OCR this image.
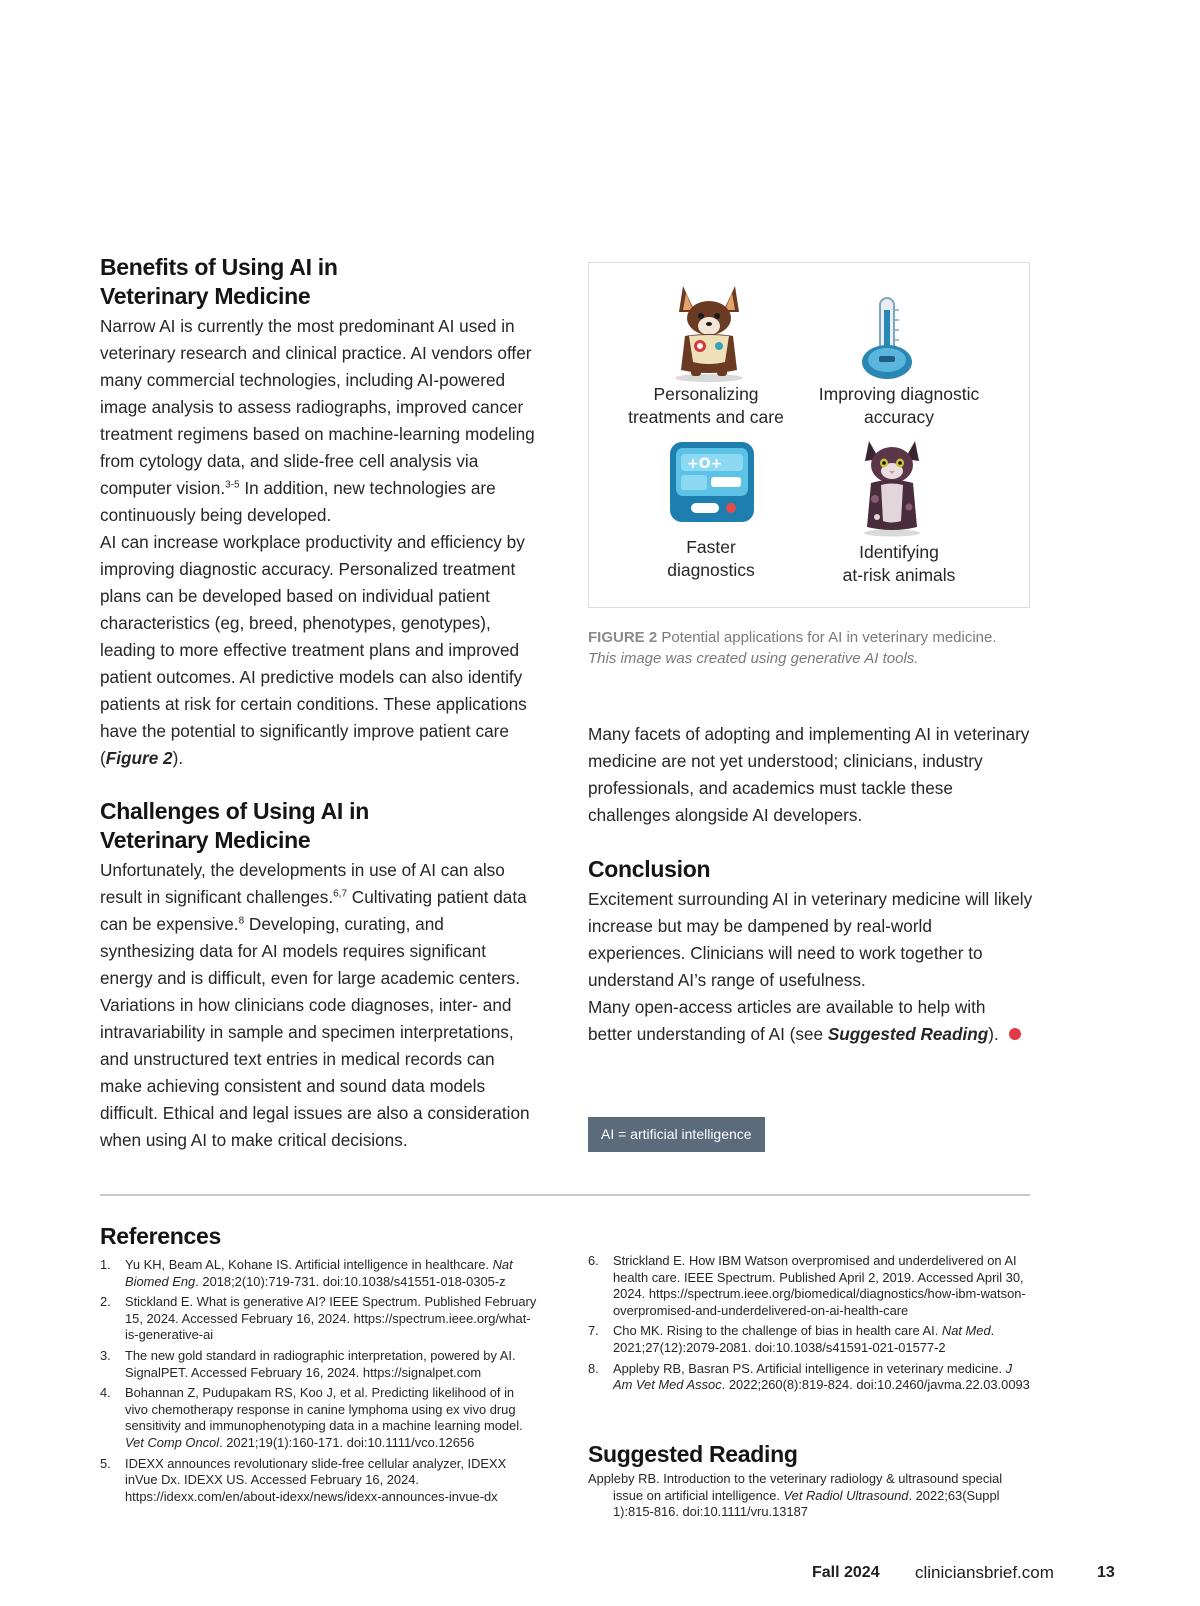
Benefits of Using AI in
Veterinary Medicine

Narrow AI is currently the most predominant AI used in veterinary research and clinical practice. AI vendors offer many commercial technologies, including AI-powered image analysis to assess radiographs, improved cancer treatment regimens based on machine-learning modeling from cytology data, and slide-free cell analysis via computer vision.$^{3-5}$ In addition, new technologies are continuously being developed.

AI can increase workplace productivity and efficiency by improving diagnostic accuracy. Personalized treatment plans can be developed based on individual patient characteristics (eg, breed, phenotypes, genotypes), leading to more effective treatment plans and improved patient outcomes. AI predictive models can also identify patients at risk for certain conditions. These applications have the potential to significantly improve patient care (Figure 2).

Challenges of Using AI in
Veterinary Medicine

Unfortunately, the developments in use of AI can also result in significant challenges.$^{6,7}$ Cultivating patient data can be expensive.$^8$ Developing, curating, and synthesizing data for AI models requires significant energy and is difficult, even for large academic centers. Variations in how clinicians code diagnoses, inter- and intravariability in sample and specimen interpretations, and unstructured text entries in medical records can make achieving consistent and sound data models difficult. Ethical and legal issues are also a consideration when using AI to make critical decisions.

Personalizing
treatments and care
Improving diagnostic
accuracy
+O+
Faster
diagnostics
Identifying
at-risk animals
FIGURE 2 Potential applications for AI in veterinary medicine.
This image was created using generative AI tools.

Many facets of adopting and implementing AI in veterinary medicine are not yet understood; clinicians, industry professionals, and academics must tackle these challenges alongside AI developers.

Conclusion

Excitement surrounding AI in veterinary medicine will likely increase but may be dampened by real-world experiences. Clinicians will need to work together to understand AI’s range of usefulness.

Many open-access articles are available to help with better understanding of AI (see Suggested Reading).

AI = artificial intelligence
References
1. Yu KH, Beam AL, Kohane IS. Artificial intelligence in healthcare. Nat Biomed Eng. 2018;2(10):719-731. doi:10.1038/s41551-018-0305-z
2. Stickland E. What is generative AI? IEEE Spectrum. Published February 15, 2024. Accessed February 16, 2024. https://spectrum.ieee.org/what-is-generative-ai
3. The new gold standard in radiographic interpretation, powered by AI. SignalPET. Accessed February 16, 2024. https://signalpet.com
4. Bohannan Z, Pudupakam RS, Koo J, et al. Predicting likelihood of in vivo chemotherapy response in canine lymphoma using ex vivo drug sensitivity and immunophenotyping data in a machine learning model. Vet Comp Oncol. 2021;19(1):160-171. doi:10.1111/vco.12656
5. IDEXX announces revolutionary slide-free cellular analyzer, IDEXX inVue Dx. IDEXX US. Accessed February 16, 2024. https://idexx.com/en/about-idexx/news/idexx-announces-invue-dx
6. Strickland E. How IBM Watson overpromised and underdelivered on AI health care. IEEE Spectrum. Published April 2, 2019. Accessed April 30, 2024. https://spectrum.ieee.org/biomedical/diagnostics/how-ibm-watson-overpromised-and-underdelivered-on-ai-health-care
7. Cho MK. Rising to the challenge of bias in health care AI. Nat Med. 2021;27(12):2079-2081. doi:10.1038/s41591-021-01577-2
8. Appleby RB, Basran PS. Artificial intelligence in veterinary medicine. J Am Vet Med Assoc. 2022;260(8):819-824. doi:10.2460/javma.22.03.0093
Suggested Reading
Appleby RB. Introduction to the veterinary radiology & ultrasound special issue on artificial intelligence. Vet Radiol Ultrasound. 2022;63(Suppl 1):815-816. doi:10.1111/vru.13187
Fall 2024 cliniciansbrief.com	13
